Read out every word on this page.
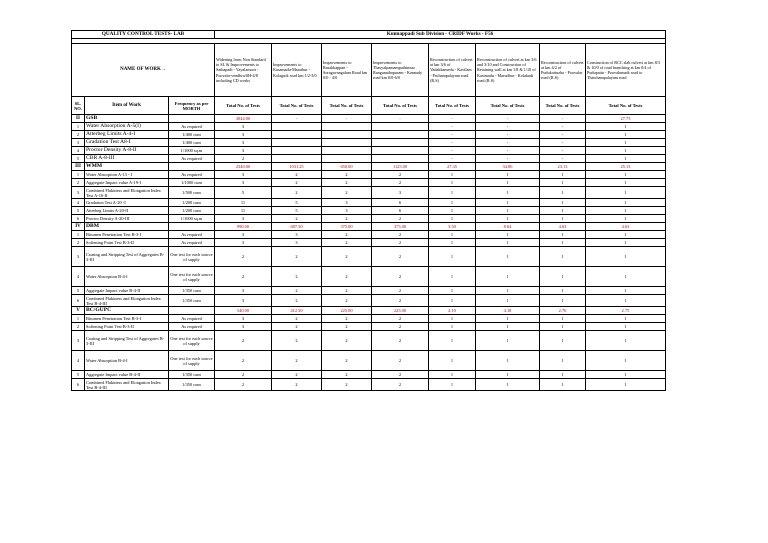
QUALITY CONTROL TESTS- LAB			Kunnappadi Sub Division - CRIDF Works - F56							

NAME OF WORK→			Widening from Non Standard to SL & Improvements to Sathapadi - Vayalamoor - Poovalu-vendhra/SH-4/8 including CD works	Improvements to Kasamadu-Marathur - Kolagudi road km 1/2-3/0	Improvements to Rasakkappan - Soragavangalam Road km 0/0 - 4/0	Improvements to Thasyalpamamputhimuu Ranganathapuram - Kannady road km 0/0-6/0	Reconstruction of culvert at km 3/6 of Vadakkamedu - Kavilam - Pachampalayam road (R.S)	Reconstruction of culvert at km 3/6 and 3/10 and Construction of Retaining wall at km 1/8 & 1/10 of Kasimadu - Marudhur - Kolakudi road (R.S)	Reconstruction of culvert at km 4/2 of Pudukottuzha - Poovalar road (R.S)	Construction of RCC slab culvert at km 8/3 & 10/0 of road branching at km 0/4 of Pudupattu - Poovalumadi road to Thatchampalayam road
SL. NO.	Item of Work	Frequency as per MORTH	Total No. of Tests	Total No. of Tests	Total No. of Tests	Total No. of Tests	Total No. of Tests	Total No. of Tests	Total No. of Tests	Total No. of Tests
II	GSB		3044.00	-	-	-	-	-	-	27.75
1	Water Absorption A-5(I)	As required	3				-	-	-	1
2	Atterbeg Limits A-4-I	1/400 cum	3				-	-	-	1
3	Gradation Test A8-I	1/400 cum	3				-	-	-	1
4	Proctor Density A-8-II	1/1000 sq.m	3				-	-	-	1
5	CBR A-8-III	As required	2				-	-	-	1
III	WMM		2340.00	1031.25	650.00	1125.00	27.35	34.86	23.13	25.13
1	Water Absorption A-13 - I	As required	3	2	2	2	1	1	1	1
2	Aggregate Impact value A-19-I	1/1000 cum	3	2	2	2	1	1	1	1
3	Combined Flakiness and Elongation Index Test A-16-II	1/500 cum	5	2	2	3	1	1	1	1
4	Gradation Test A-20 -I	1/200 cum	11	5	3	6	1	1	1	1
5	Atterbeg Limits A-20-II	1/200 cum	11	5	3	6	1	1	1	1
6	Proctor Density A-20-III	1/1000 sq.m	3	2	2	2	1	1	1	1
IV	DBM		990.00	687.50	375.00	375.00	3.50	8.64	4.63	4.63
1	Bitumen Penetration Test B-3-I	As required	3	3	2	2	1	1	1	1
2	Softening Point Test B-3-II	As required	3	3	2	2	1	1	1	1
3	Coating and Stripping Test of Aggregates B-3-III	One test for each source of supply	2	2	2	2	1	1	1	1
4	Water Absorption B-4-I	One test for each source of supply	2	2	2	2	1	1	1	1
5	Aggregate Impact value B-4-II	1/350 cum	3	2	2	2	1	1	1	1
6	Combined Flakiness and Elongation Index Test B-4-III	1/350 cum	3	2	2	2	1	1	1	1
V	BC/GUPC		540.00	412.50	225.00	225.00	2.10	4.18	2.76	2.75
1	Bitumen Penetration Test B-3-I	As required	3	2	2	2	1	1	1	1
2	Softening Point Test B-3-II	As required	3	2	2	2	1	1	1	1
3	Coating and Stripping Test of Aggregates B-3-III	One test for each source of supply	2	2	2	2	1	1	1	1
4	Water Absorption B-4-I	One test for each source of supply	2	2	2	2	1	1	1	1
5	Aggregate Impact value B-4-II	1/350 cum	2	2	2	2	1	1	1	1
6	Combined Flakiness and Elongation Index Test B-4-III	1/350 cum	2	2	2	2	1	1	1	1
